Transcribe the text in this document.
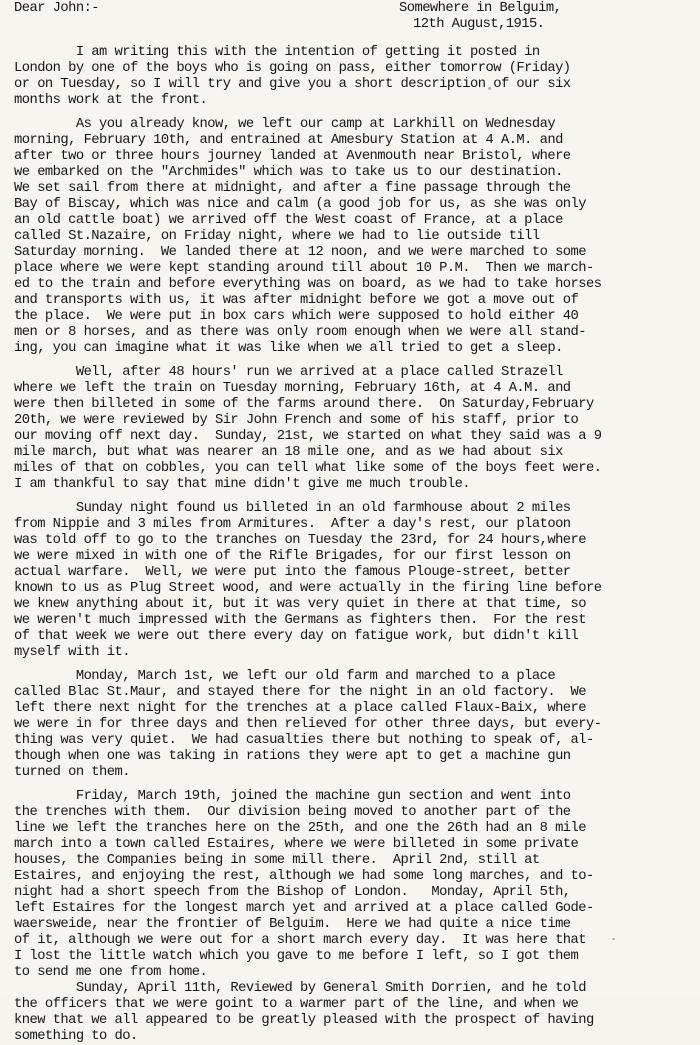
Dear John:-	Somewhere in Belguim,
12th August,1915.
I am writing this with the intention of getting it posted in
London by one of the boys who is going on pass, either tomorrow (Friday)
or on Tuesday, so I will try and give you a short description of our six
months work at the front.
As you already know, we left our camp at Larkhill on Wednesday
morning, February 10th, and entrained at Amesbury Station at 4 A.M. and
after two or three hours journey landed at Avenmouth near Bristol, where
we embarked on the "Archmides" which was to take us to our destination.
We set sail from there at midnight, and after a fine passage through the
Bay of Biscay, which was nice and calm (a good job for us, as she was only
an old cattle boat) we arrived off the West coast of France, at a place
called St.Nazaire, on Friday night, where we had to lie outside till
Saturday morning.  We landed there at 12 noon, and we were marched to some
place where we were kept standing around till about 10 P.M.  Then we march-
ed to the train and before everything was on board, as we had to take horses
and transports with us, it was after midnight before we got a move out of
the place.  We were put in box cars which were supposed to hold either 40
men or 8 horses, and as there was only room enough when we were all stand-
ing, you can imagine what it was like when we all tried to get a sleep.
Well, after 48 hours' run we arrived at a place called Strazell
where we left the train on Tuesday morning, February 16th, at 4 A.M. and
were then billeted in some of the farms around there.  On Saturday,February
20th, we were reviewed by Sir John French and some of his staff, prior to
our moving off next day.  Sunday, 21st, we started on what they said was a 9
mile march, but what was nearer an 18 mile one, and as we had about six
miles of that on cobbles, you can tell what like some of the boys feet were.
I am thankful to say that mine didn't give me much trouble.
Sunday night found us billeted in an old farmhouse about 2 miles
from Nippie and 3 miles from Armitures.  After a day's rest, our platoon
was told off to go to the tranches on Tuesday the 23rd, for 24 hours,where
we were mixed in with one of the Rifle Brigades, for our first lesson on
actual warfare.  Well, we were put into the famous Plouge-street, better
known to us as Plug Street wood, and were actually in the firing line before
we knew anything about it, but it was very quiet in there at that time, so
we weren't much impressed with the Germans as fighters then.  For the rest
of that week we were out there every day on fatigue work, but didn't kill
myself with it.
Monday, March 1st, we left our old farm and marched to a place
called Blac St.Maur, and stayed there for the night in an old factory.  We
left there next night for the trenches at a place called Flaux-Baix, where
we were in for three days and then relieved for other three days, but every-
thing was very quiet.  We had casualties there but nothing to speak of, al-
though when one was taking in rations they were apt to get a machine gun
turned on them.
Friday, March 19th, joined the machine gun section and went into
the trenches with them.  Our division being moved to another part of the
line we left the tranches here on the 25th, and one the 26th had an 8 mile
march into a town called Estaires, where we were billeted in some private
houses, the Companies being in some mill there.  April 2nd, still at
Estaires, and enjoying the rest, although we had some long marches, and to-
night had a short speech from the Bishop of London.   Monday, April 5th,
left Estaires for the longest march yet and arrived at a place called Gode-
waersweide, near the frontier of Belguim.  Here we had quite a nice time
of it, although we were out for a short march every day.  It was here that
I lost the little watch which you gave to me before I left, so I got them
to send me one from home.
Sunday, April 11th, Reviewed by General Smith Dorrien, and he told
the officers that we were goint to a warmer part of the line, and when we
knew that we all appeared to be greatly pleased with the prospect of having
something to do.
